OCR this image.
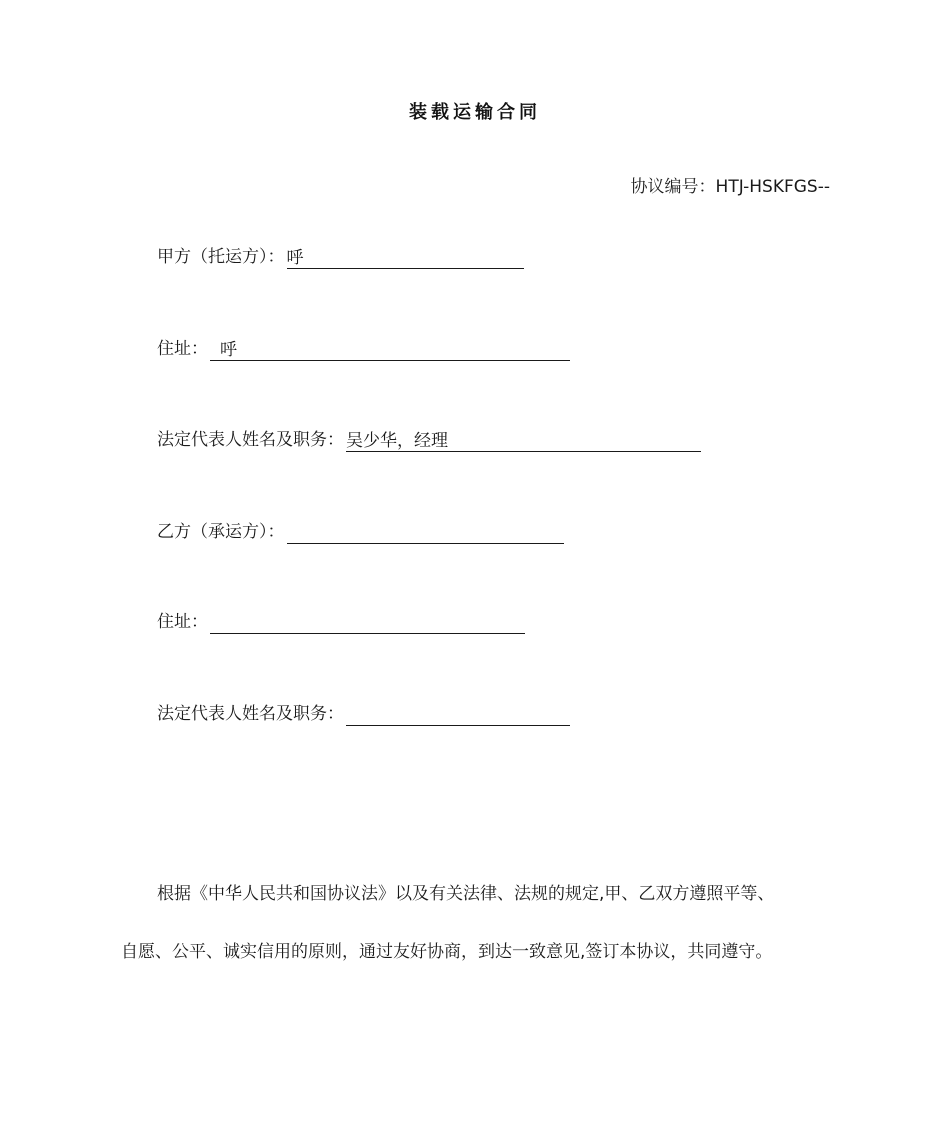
装载运输合同
协议编号：HTJ-HSKFGS--
甲方（托运方）： 呼
住址： 呼
法定代表人姓名及职务： 吴少华，经理
乙方（承运方）：
住址：
法定代表人姓名及职务：
根据《中华人民共和国协议法》以及有关法律、法规的规定,甲、乙双方遵照平等、
自愿、公平、诚实信用的原则，通过友好协商，到达一致意见,签订本协议，共同遵守。
